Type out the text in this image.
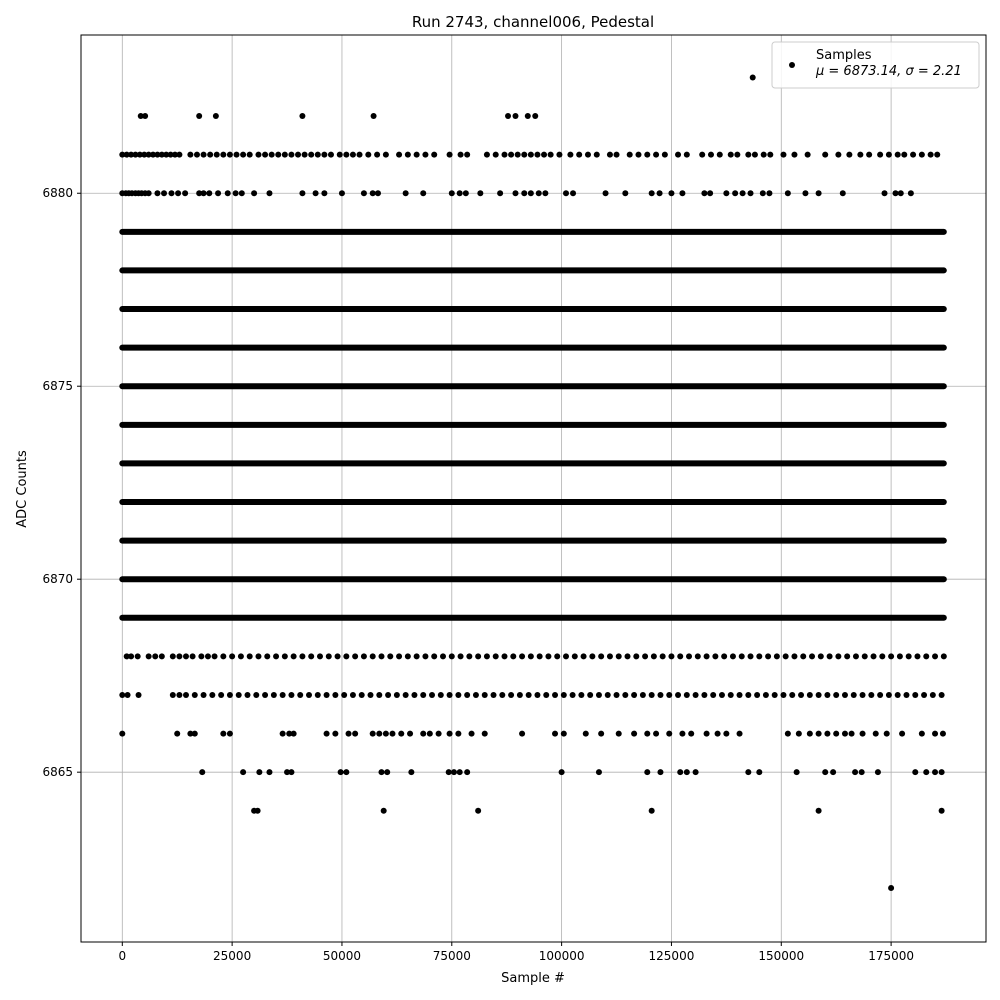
Run 2743, channel006, Pedestal
0	25000	50000	75000	100000	125000	150000	175000
6865
6870
6875
6880
Sample #
ADC Counts
Samples
μ = 6873.14, σ = 2.21
